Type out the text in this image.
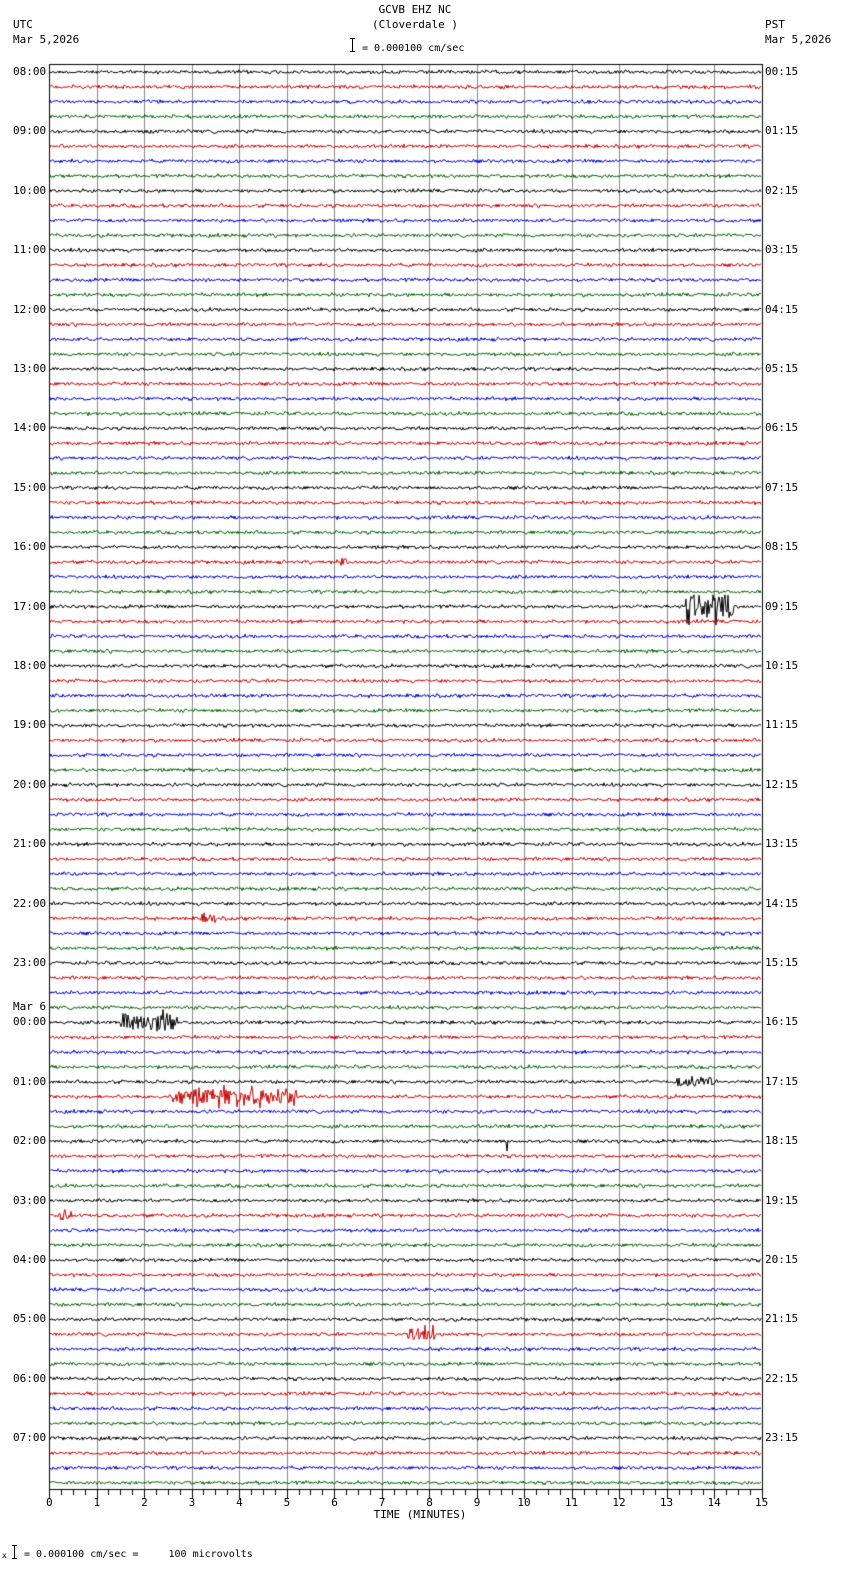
GCVB EHZ NC
(Cloverdale )
UTC
Mar 5,2026
PST
Mar 5,2026
= 0.000100 cm/sec
08:00
09:00
10:00
11:00
12:00
13:00
14:00
15:00
16:00
17:00
18:00
19:00
20:00
21:00
22:00
23:00
00:00
Mar 6
01:00
02:00
03:00
04:00
05:00
06:00
07:00
00:15
01:15
02:15
03:15
04:15
05:15
06:15
07:15
08:15
09:15
10:15
11:15
12:15
13:15
14:15
15:15
16:15
17:15
18:15
19:15
20:15
21:15
22:15
23:15
0	1	2	3	4	5	6	7	8	9	10	11	12	13	14	15
TIME (MINUTES)
x = 0.000100 cm/sec =     100 microvolts
